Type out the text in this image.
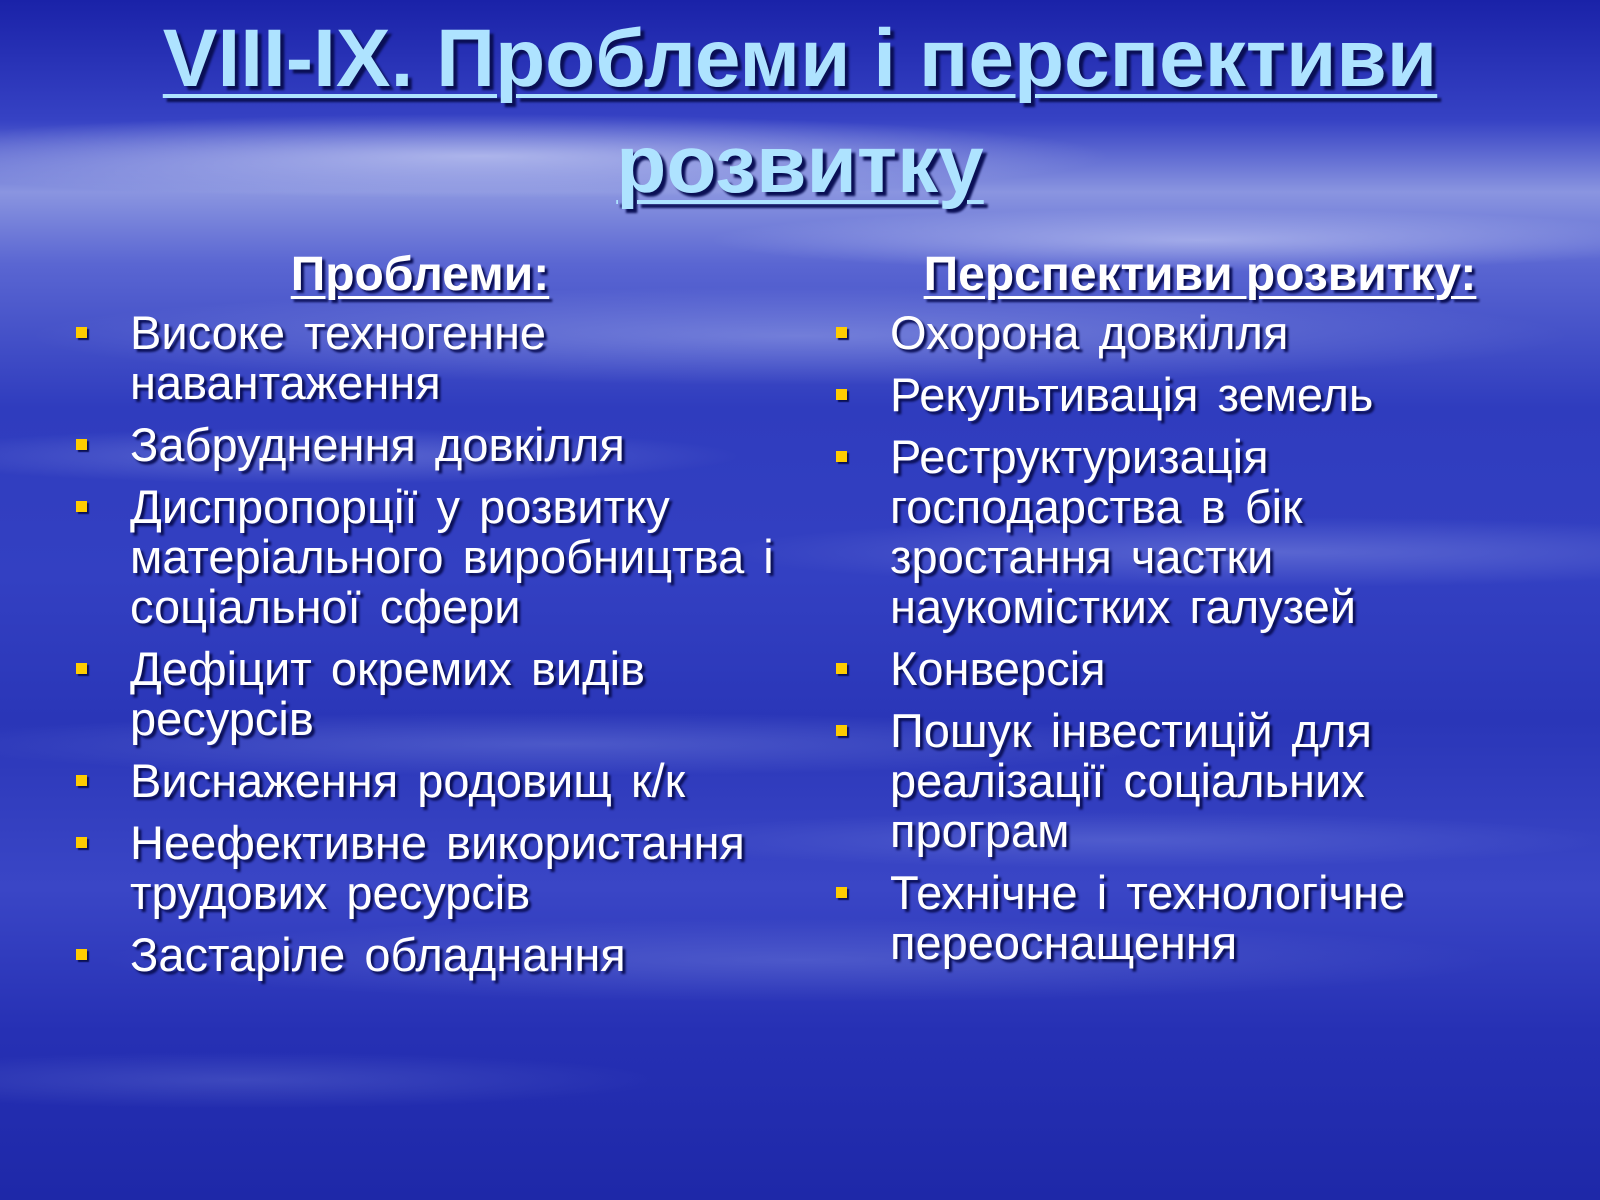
VIII-IX. Проблеми і перспективи розвитку
Проблеми:
Високе техногенне навантаження
Забруднення довкілля
Диспропорції у розвитку матеріального виробництва і соціальної сфери
Дефіцит окремих видів ресурсів
Виснаження родовищ к/к
Неефективне використання трудових ресурсів
Застаріле обладнання
Перспективи розвитку:
Охорона довкілля
Рекультивація земель
Реструктуризація господарства в бік зростання частки наукомістких галузей
Конверсія
Пошук інвестицій для реалізації соціальних програм
Технічне і технологічне переоснащення
